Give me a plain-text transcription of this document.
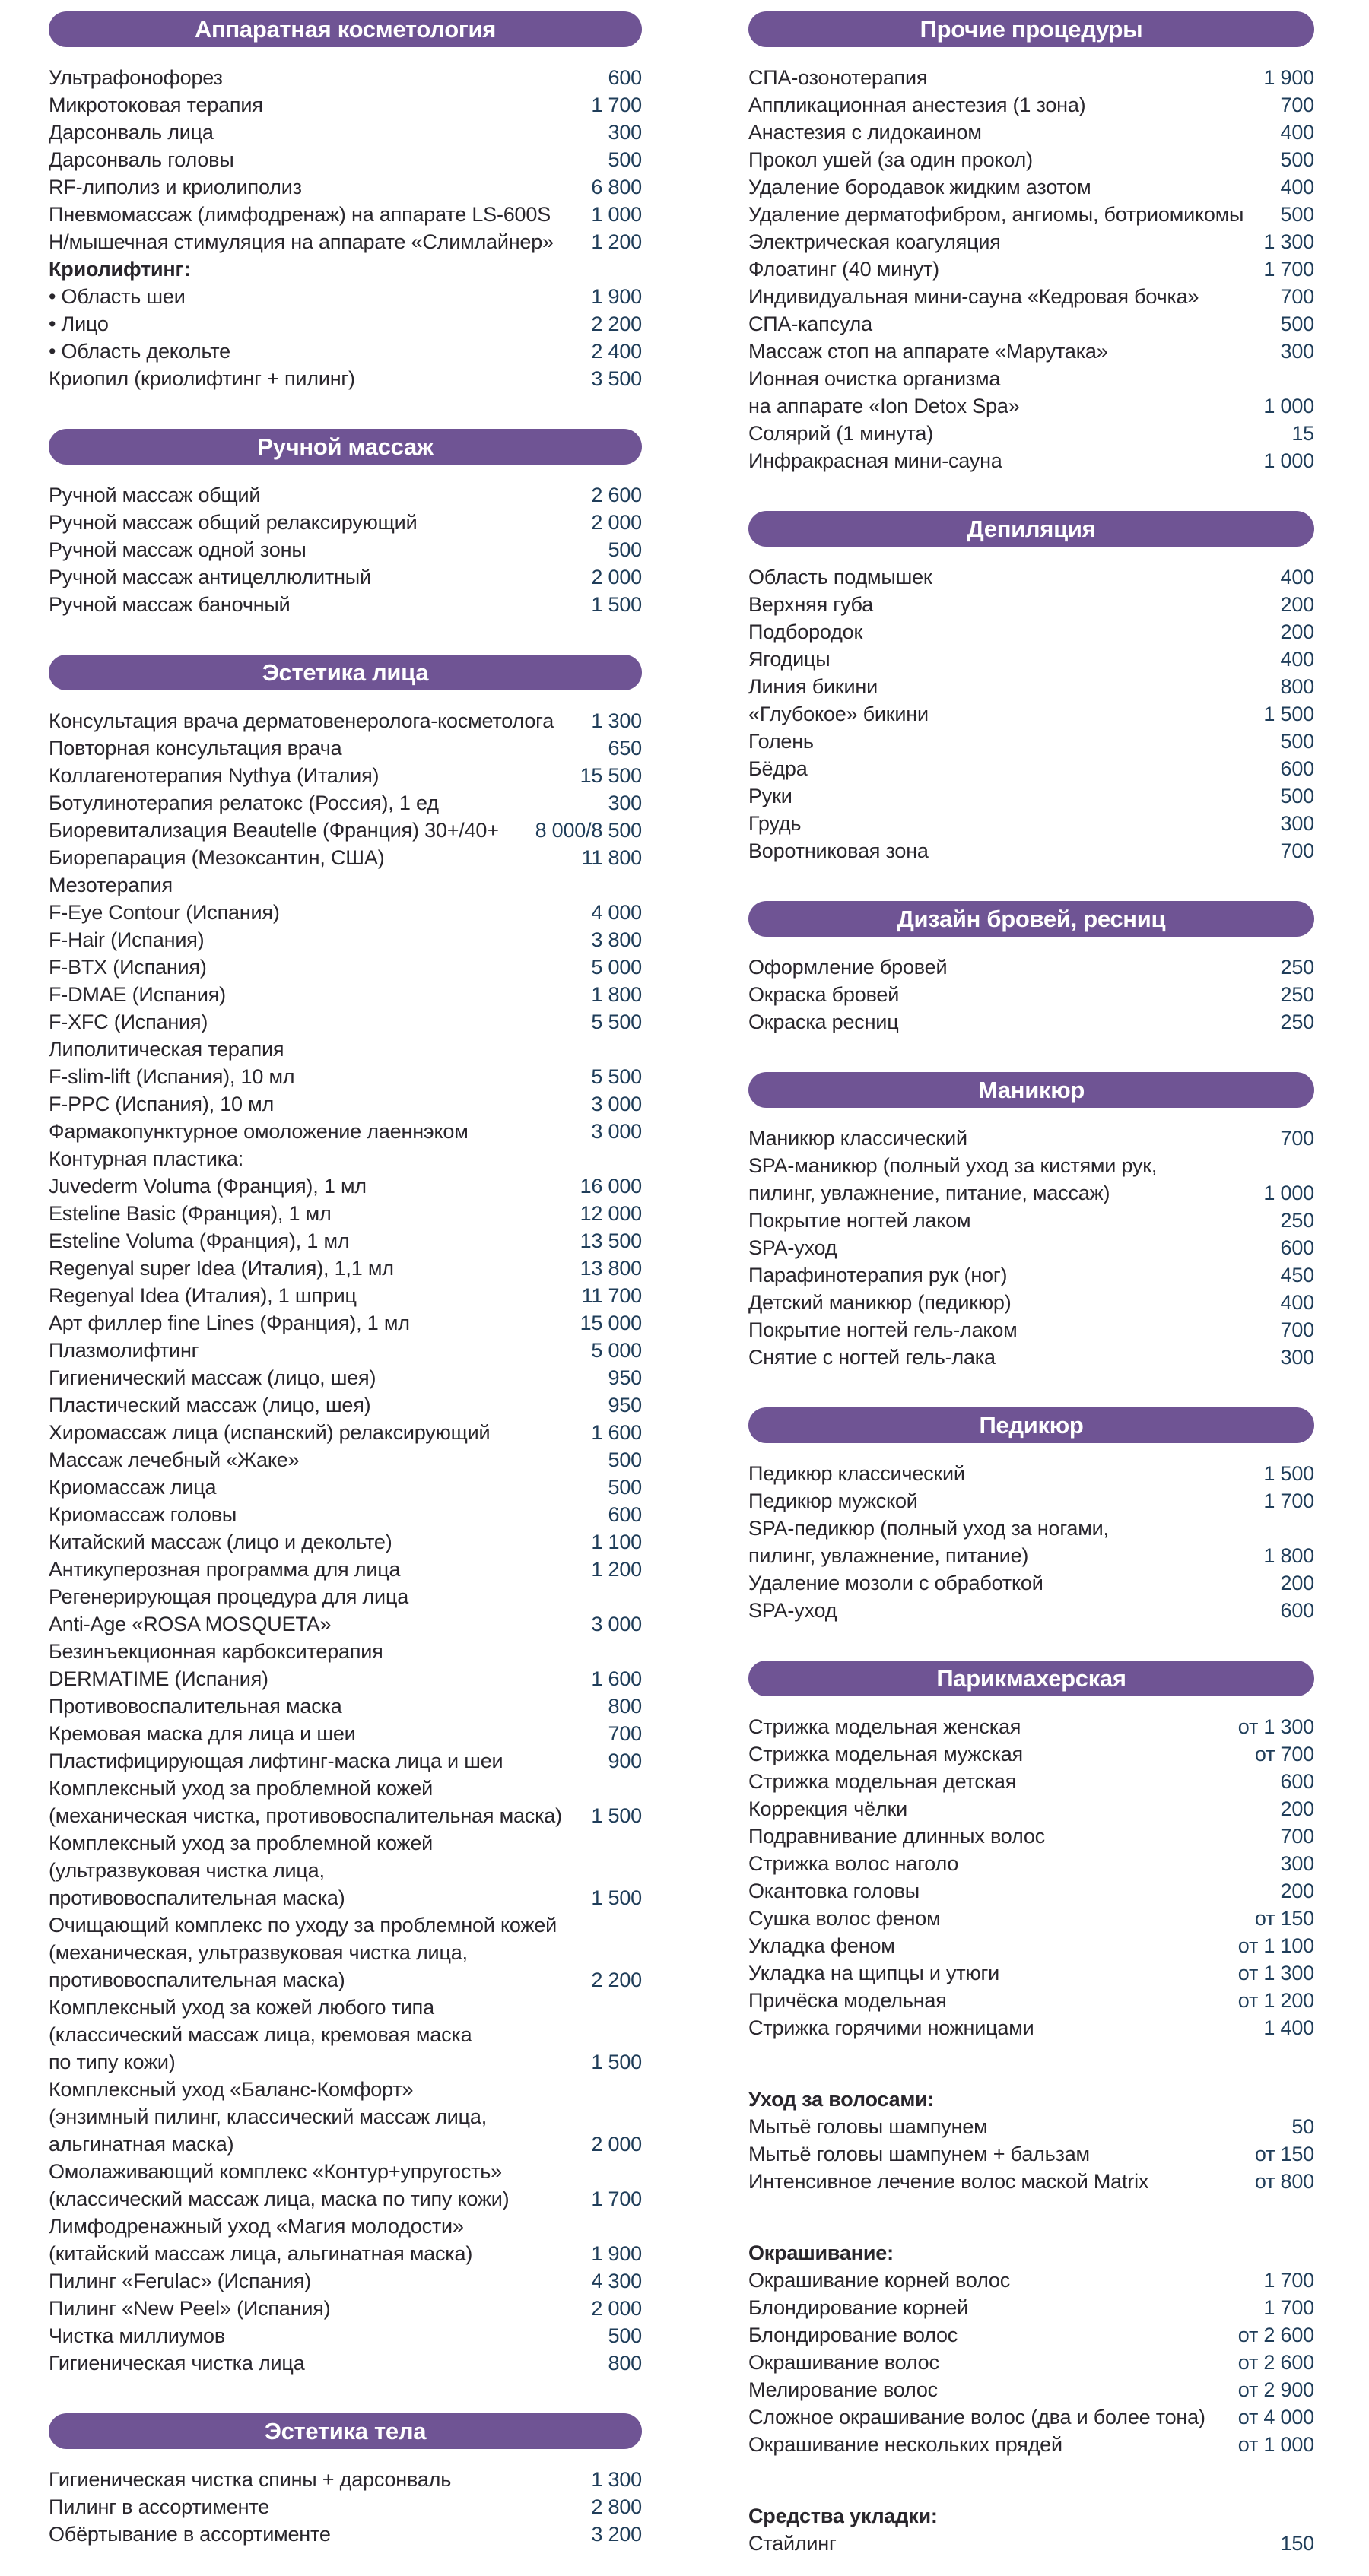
Аппаратная косметология
Ультрафонофорез	600
Микротоковая терапия	1 700
Дарсонваль лица	300
Дарсонваль головы	500
RF-липолиз и криолиполиз	6 800
Пневмомассаж (лимфодренаж) на аппарате LS-600S	1 000
Н/мышечная стимуляция на аппарате «Слимлайнер»	1 200
Криолифтинг:
• Область шеи	1 900
• Лицо	2 200
• Область декольте	2 400
Криопил (криолифтинг + пилинг)	3 500
Ручной массаж
Ручной массаж общий	2 600
Ручной массаж общий релаксирующий	2 000
Ручной массаж одной зоны	500
Ручной массаж антицеллюлитный	2 000
Ручной массаж баночный	1 500
Эстетика лица
Консультация врача дерматовенеролога-косметолога	1 300
Повторная консультация врача	650
Коллагенотерапия Nythya (Италия)	15 500
Ботулинотерапия релатокс (Россия), 1 ед	300
Биоревитализация Beautelle (Франция) 30+/40+	8 000/8 500
Биорепарация (Мезоксантин, США)	11 800
Мезотерапия
F-Eye Contour (Испания)	4 000
F-Hair (Испания)	3 800
F-BTX (Испания)	5 000
F-DMAE (Испания)	1 800
F-XFC (Испания)	5 500
Липолитическая терапия
F-slim-lift (Испания), 10 мл	5 500
F-PPC (Испания), 10 мл	3 000
Фармакопунктурное омоложение лаеннэком	3 000
Контурная пластика:
Juvederm Voluma (Франция), 1 мл	16 000
Esteline Basic (Франция), 1 мл	12 000
Esteline Voluma (Франция), 1 мл	13 500
Regenyal super Idea (Италия), 1,1 мл	13 800
Regenyal Idea (Италия), 1 шприц	11 700
Арт филлер fine Lines (Франция), 1 мл	15 000
Плазмолифтинг	5 000
Гигиенический массаж (лицо, шея)	950
Пластический массаж (лицо, шея)	950
Хиромассаж лица (испанский) релаксирующий	1 600
Массаж лечебный «Жаке»	500
Криомассаж лица	500
Криомассаж головы	600
Китайский массаж (лицо и декольте)	1 100
Антикуперозная программа для лица	1 200
Регенерирующая процедура для лица
Anti-Age «ROSA MOSQUETA»	3 000
Безинъекционная карбокситерапия
DERMATIME (Испания)	1 600
Противовоспалительная маска	800
Кремовая маска для лица и шеи	700
Пластифицирующая лифтинг-маска лица и шеи	900
Комплексный уход за проблемной кожей
(механическая чистка, противовоспалительная маска)	1 500
Комплексный уход за проблемной кожей
(ультразвуковая чистка лица,
противовоспалительная маска)	1 500
Очищающий комплекс по уходу за проблемной кожей
(механическая, ультразвуковая чистка лица,
противовоспалительная маска)	2 200
Комплексный уход за кожей любого типа
(классический массаж лица, кремовая маска
по типу кожи)	1 500
Комплексный уход «Баланс-Комфорт»
(энзимный пилинг, классический массаж лица,
альгинатная маска)	2 000
Омолаживающий комплекс «Контур+упругость»
(классический массаж лица, маска по типу кожи)	1 700
Лимфодренажный уход «Магия молодости»
(китайский массаж лица, альгинатная маска)	1 900
Пилинг «Ferulac» (Испания)	4 300
Пилинг «New Peel» (Испания)	2 000
Чистка миллиумов	500
Гигиеническая чистка лица	800
Эстетика тела
Гигиеническая чистка спины + дарсонваль	1 300
Пилинг в ассортименте	2 800
Обёртывание в ассортименте	3 200
Прочие процедуры
СПА-озонотерапия	1 900
Аппликационная анестезия (1 зона)	700
Анастезия с лидокаином	400
Прокол ушей (за один прокол)	500
Удаление бородавок жидким азотом	400
Удаление дерматофибром, ангиомы, ботриомикомы	500
Электрическая коагуляция	1 300
Флоатинг (40 минут)	1 700
Индивидуальная мини-сауна «Кедровая бочка»	700
СПА-капсула	500
Массаж стоп на аппарате «Марутака»	300
Ионная очистка организма
на аппарате «Ion Detox Spa»	1 000
Солярий (1 минута)	15
Инфракрасная мини-сауна	1 000
Депиляция
Область подмышек	400
Верхняя губа	200
Подбородок	200
Ягодицы	400
Линия бикини	800
«Глубокое» бикини	1 500
Голень	500
Бёдра	600
Руки	500
Грудь	300
Воротниковая зона	700
Дизайн бровей, ресниц
Оформление бровей	250
Окраска бровей	250
Окраска ресниц	250
Маникюр
Маникюр классический	700
SPA-маникюр (полный уход за кистями рук,
пилинг, увлажнение, питание, массаж)	1 000
Покрытие ногтей лаком	250
SPA-уход	600
Парафинотерапия рук (ног)	450
Детский маникюр (педикюр)	400
Покрытие ногтей гель-лаком	700
Снятие с ногтей гель-лака	300
Педикюр
Педикюр классический	1 500
Педикюр мужской	1 700
SPA-педикюр (полный уход за ногами,
пилинг, увлажнение, питание)	1 800
Удаление мозоли с обработкой	200
SPA-уход	600
Парикмахерская
Стрижка модельная женская	от 1 300
Стрижка модельная мужская	от 700
Стрижка модельная детская	600
Коррекция чёлки	200
Подравнивание длинных волос	700
Стрижка волос наголо	300
Окантовка головы	200
Сушка волос феном	от 150
Укладка феном	от 1 100
Укладка на щипцы и утюги	от 1 300
Причёска модельная	от 1 200
Стрижка горячими ножницами	1 400
Уход за волосами:
Мытьё головы шампунем	50
Мытьё головы шампунем + бальзам	от 150
Интенсивное лечение волос маской Matrix	от 800
Окрашивание:
Окрашивание корней волос	1 700
Блондирование корней	1 700
Блондирование волос	от 2 600
Окрашивание волос	от 2 600
Мелирование волос	от 2 900
Сложное окрашивание волос (два и более тона)	от 4 000
Окрашивание нескольких прядей	от 1 000
Средства укладки:
Стайлинг	150
